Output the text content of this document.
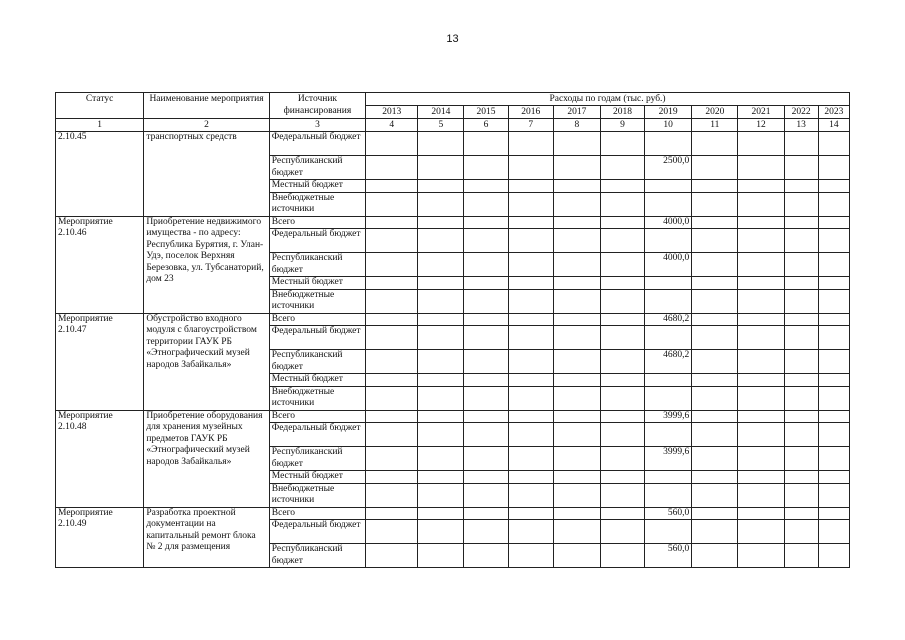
13
Статус	Наименование мероприятия	Источник финансирования	Расходы по годам (тыс. руб.)										
			2013	2014	2015	2016	2017	2018	2019	2020	2021	2022	2023
1	2	3	4	5	6	7	8	9	10	11	12	13	14
2.10.45	транспортных средств	Федеральный бюджет											
		Республиканский бюджет							2500,0				
		Местный бюджет											
		Внебюджетные источники											
Мероприятие 2.10.46	Приобретение недвижимого имущества - по адресу: Республика Бурятия, г. Улан-Удэ, поселок Верхняя Березовка, ул. Тубсанаторий, дом 23	Всего							4000,0				
		Федеральный бюджет											
		Республиканский бюджет							4000,0				
		Местный бюджет											
		Внебюджетные источники											
Мероприятие 2.10.47	Обустройство входного модуля с благоустройством территории ГАУК РБ «Этнографический музей народов Забайкалья»	Всего							4680,2				
		Федеральный бюджет											
		Республиканский бюджет							4680,2				
		Местный бюджет											
		Внебюджетные источники											
Мероприятие 2.10.48	Приобретение оборудования для хранения музейных предметов ГАУК РБ «Этнографический музей народов Забайкалья»	Всего							3999,6				
		Федеральный бюджет											
		Республиканский бюджет							3999,6				
		Местный бюджет											
		Внебюджетные источники											
Мероприятие 2.10.49	Разработка проектной документации на капитальный ремонт блока № 2 для размещения	Всего							560,0				
		Федеральный бюджет											
		Республиканский бюджет							560,0				
